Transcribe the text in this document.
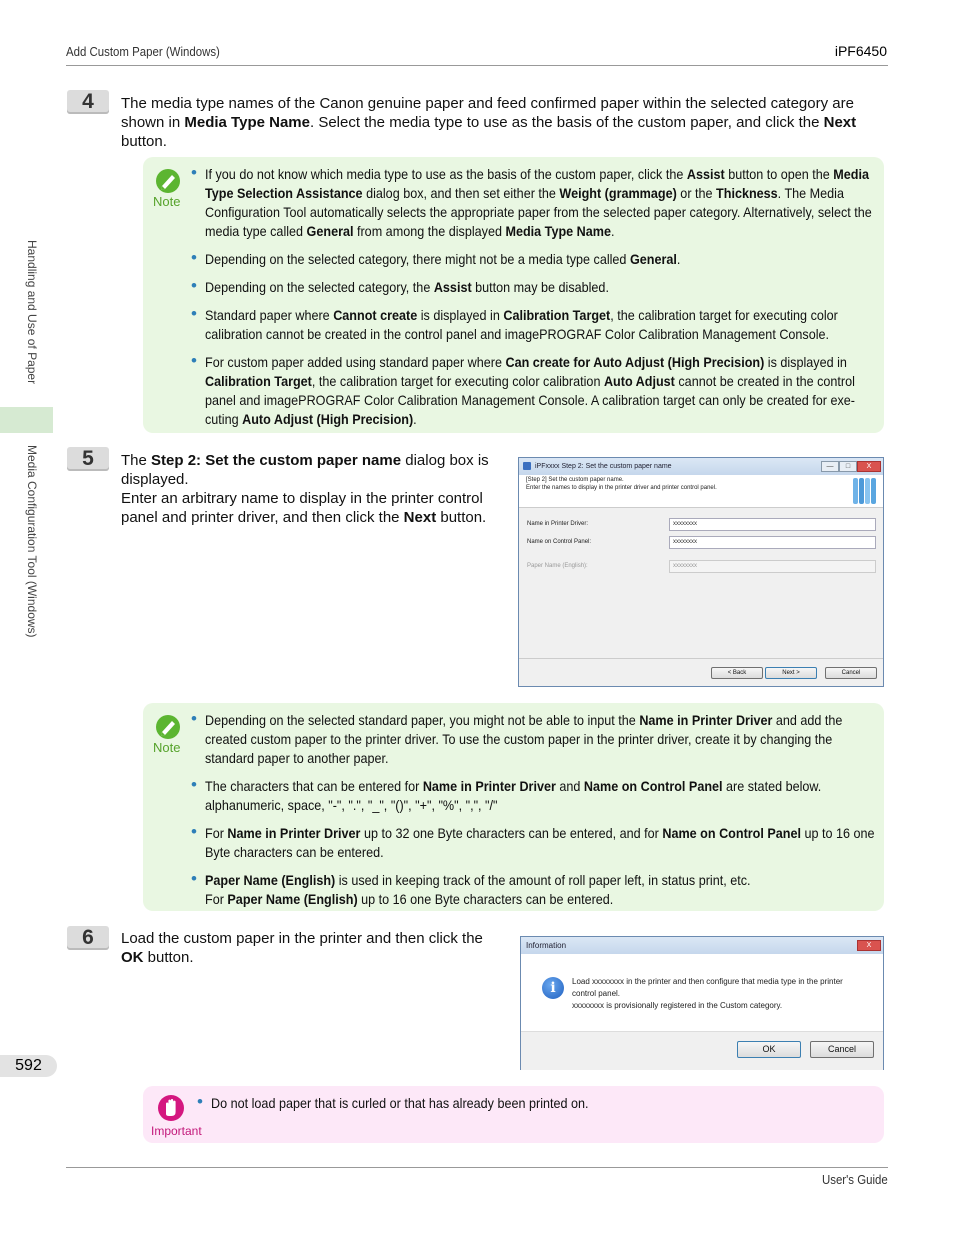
Add Custom Paper (Windows)	iPF6450
Handling and Use of Paper
Media Configuration Tool (Windows)
592
4	The media type names of the Canon genuine paper and feed confirmed paper within the selected category are shown in Media Type Name. Select the media type to use as the basis of the custom paper, and click the Next button.
Note
• If you do not know which media type to use as the basis of the custom paper, click the Assist button to open the Media Type Selection Assistance dialog box, and then set either the Weight (grammage) or the Thickness. The Media Configuration Tool automatically selects the appropriate paper from the selected paper category. Alternatively, select the media type called General from among the displayed Media Type Name.
• Depending on the selected category, there might not be a media type called General.
• Depending on the selected category, the Assist button may be disabled.
• Standard paper where Cannot create is displayed in Calibration Target, the calibration target for executing color calibration cannot be created in the control panel and imagePROGRAF Color Calibration Management Console.
• For custom paper added using standard paper where Can create for Auto Adjust (High Precision) is displayed in Calibration Target, the calibration target for executing color calibration Auto Adjust cannot be created in the control panel and imagePROGRAF Color Calibration Management Console. A calibration target can only be created for exe-cuting Auto Adjust (High Precision).
5	The Step 2: Set the custom paper name dialog box is displayed.
Enter an arbitrary name to display in the printer control panel and printer driver, and then click the Next button.
iPFxxxx Step 2: Set the custom paper name	—	□	X
[Step 2] Set the custom paper name.
Enter the names to display in the printer driver and printer control panel.
Name in Printer Driver:	xxxxxxxx
Name on Control Panel:	xxxxxxxx
Paper Name (English):	xxxxxxxx
< Back	Next >	Cancel
Note
• Depending on the selected standard paper, you might not be able to input the Name in Printer Driver and add the created custom paper to the printer driver. To use the custom paper in the printer driver, create it by changing the standard paper to another paper.
• The characters that can be entered for Name in Printer Driver and Name on Control Panel are stated below.
alphanumeric, space, "-", ".", "_", "()", "+", "%", ",", "/"
• For Name in Printer Driver up to 32 one Byte characters can be entered, and for Name on Control Panel up to 16 one Byte characters can be entered.
• Paper Name (English) is used in keeping track of the amount of roll paper left, in status print, etc.
For Paper Name (English) up to 16 one Byte characters can be entered.
6	Load the custom paper in the printer and then click the OK button.
Information	X
i	Load xxxxxxxx in the printer and then configure that media type in the printer control panel.
xxxxxxxx is provisionally registered in the Custom category.
OK	Cancel
Important
• Do not load paper that is curled or that has already been printed on.
User's Guide
